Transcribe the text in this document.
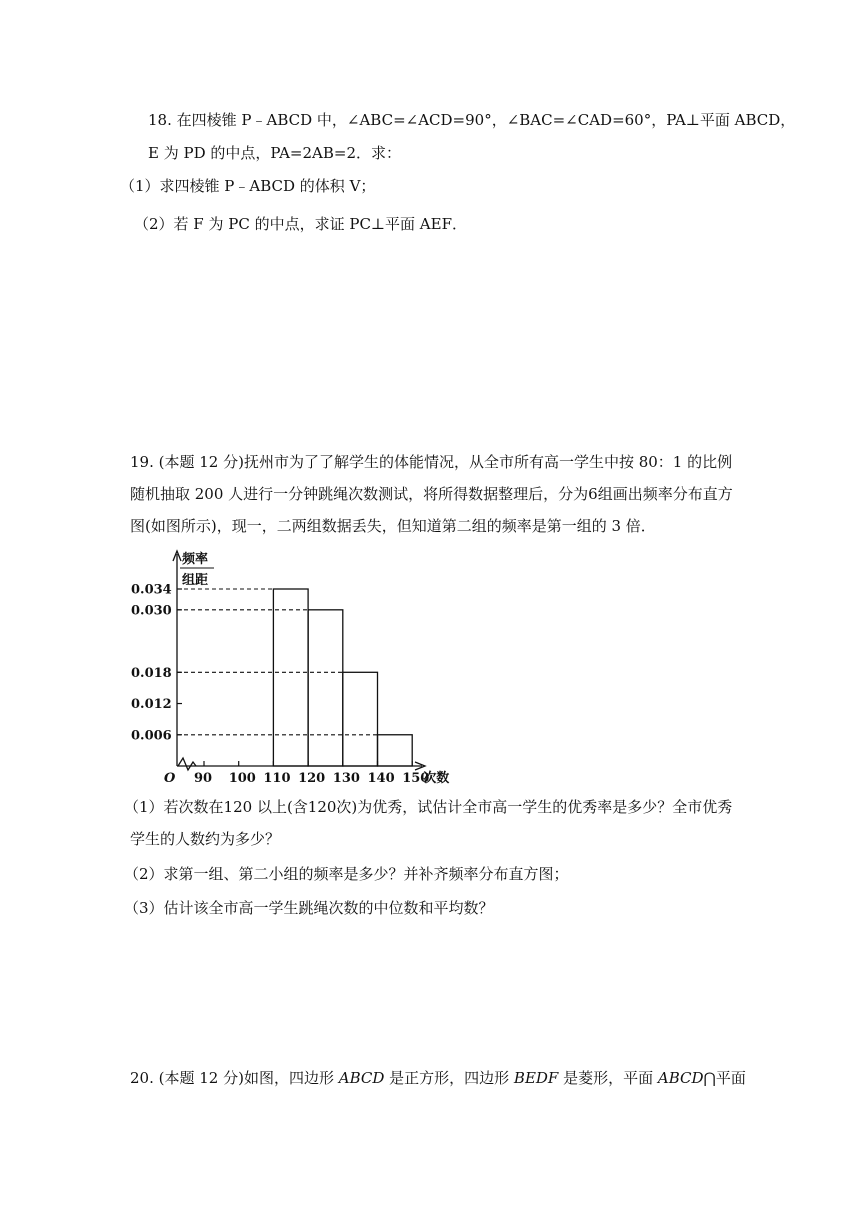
18. 在四棱锥 P﹣ABCD 中，∠ABC=∠ACD=90°，∠BAC=∠CAD=60°，PA⊥平面 ABCD，
E 为 PD 的中点，PA=2AB=2．求：
（1）求四棱锥 P﹣ABCD 的体积 V；
（2）若 F 为 PC 的中点，求证 PC⊥平面 AEF．
19. (本题 12 分)抚州市为了了解学生的体能情况，从全市所有高一学生中按 80：1 的比例
随机抽取 200 人进行一分钟跳绳次数测试，将所得数据整理后，分为6组画出频率分布直方
图(如图所示)，现一，二两组数据丢失，但知道第二组的频率是第一组的 3 倍．
频率
组距
0.006
0.012
0.018
0.030
0.034
90 100 110 120 130 140 150
次数
O
（1）若次数在120 以上(含120次)为优秀，试估计全市高一学生的优秀率是多少？全市优秀
学生的人数约为多少？
（2）求第一组、第二小组的频率是多少？并补齐频率分布直方图；
（3）估计该全市高一学生跳绳次数的中位数和平均数？
20. (本题 12 分)如图，四边形 ABCD 是正方形，四边形 BEDF 是菱形，平面 ABCD⋂平面
